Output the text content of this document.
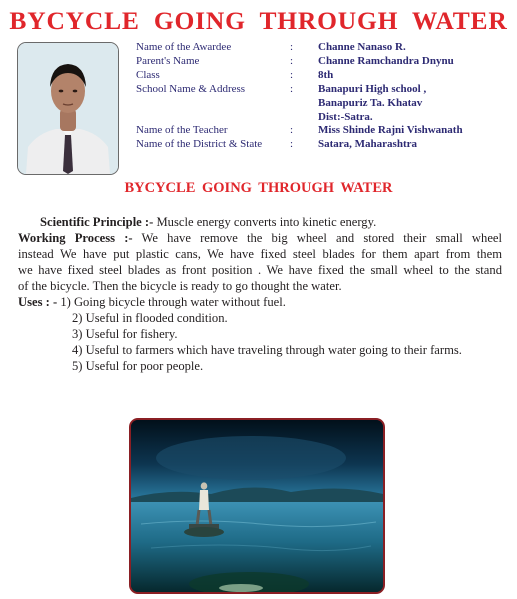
BYCYCLE GOING THROUGH WATER
Name of the Awardee	: Channe Nanaso R.
Parent's Name	: Channe Ramchandra Dnynu
Class	: 8th
School Name & Address	: Banapuri High school ,
Banapuriz Ta. Khatav
Dist:-Satra.
Name of the Teacher	: Miss Shinde Rajni Vishwanath
Name of the District & State	: Satara, Maharashtra
BYCYCLE GOING THROUGH WATER

Scientific Principle :- Muscle energy converts into kinetic energy.

Working Process :- We have remove the big wheel and stored their small wheel
instead We have put plastic cans, We have fixed steel blades for them apart from them
we have fixed steel blades as front position . We have fixed the small wheel to the stand
of the bicycle. Then the bicycle is ready to go thought the water.

Uses : - 1) Going bicycle through water without fuel.

2) Useful in flooded condition.

3) Useful for fishery.

4) Useful to farmers which have traveling through water going to their farms.

5) Useful for poor people.
